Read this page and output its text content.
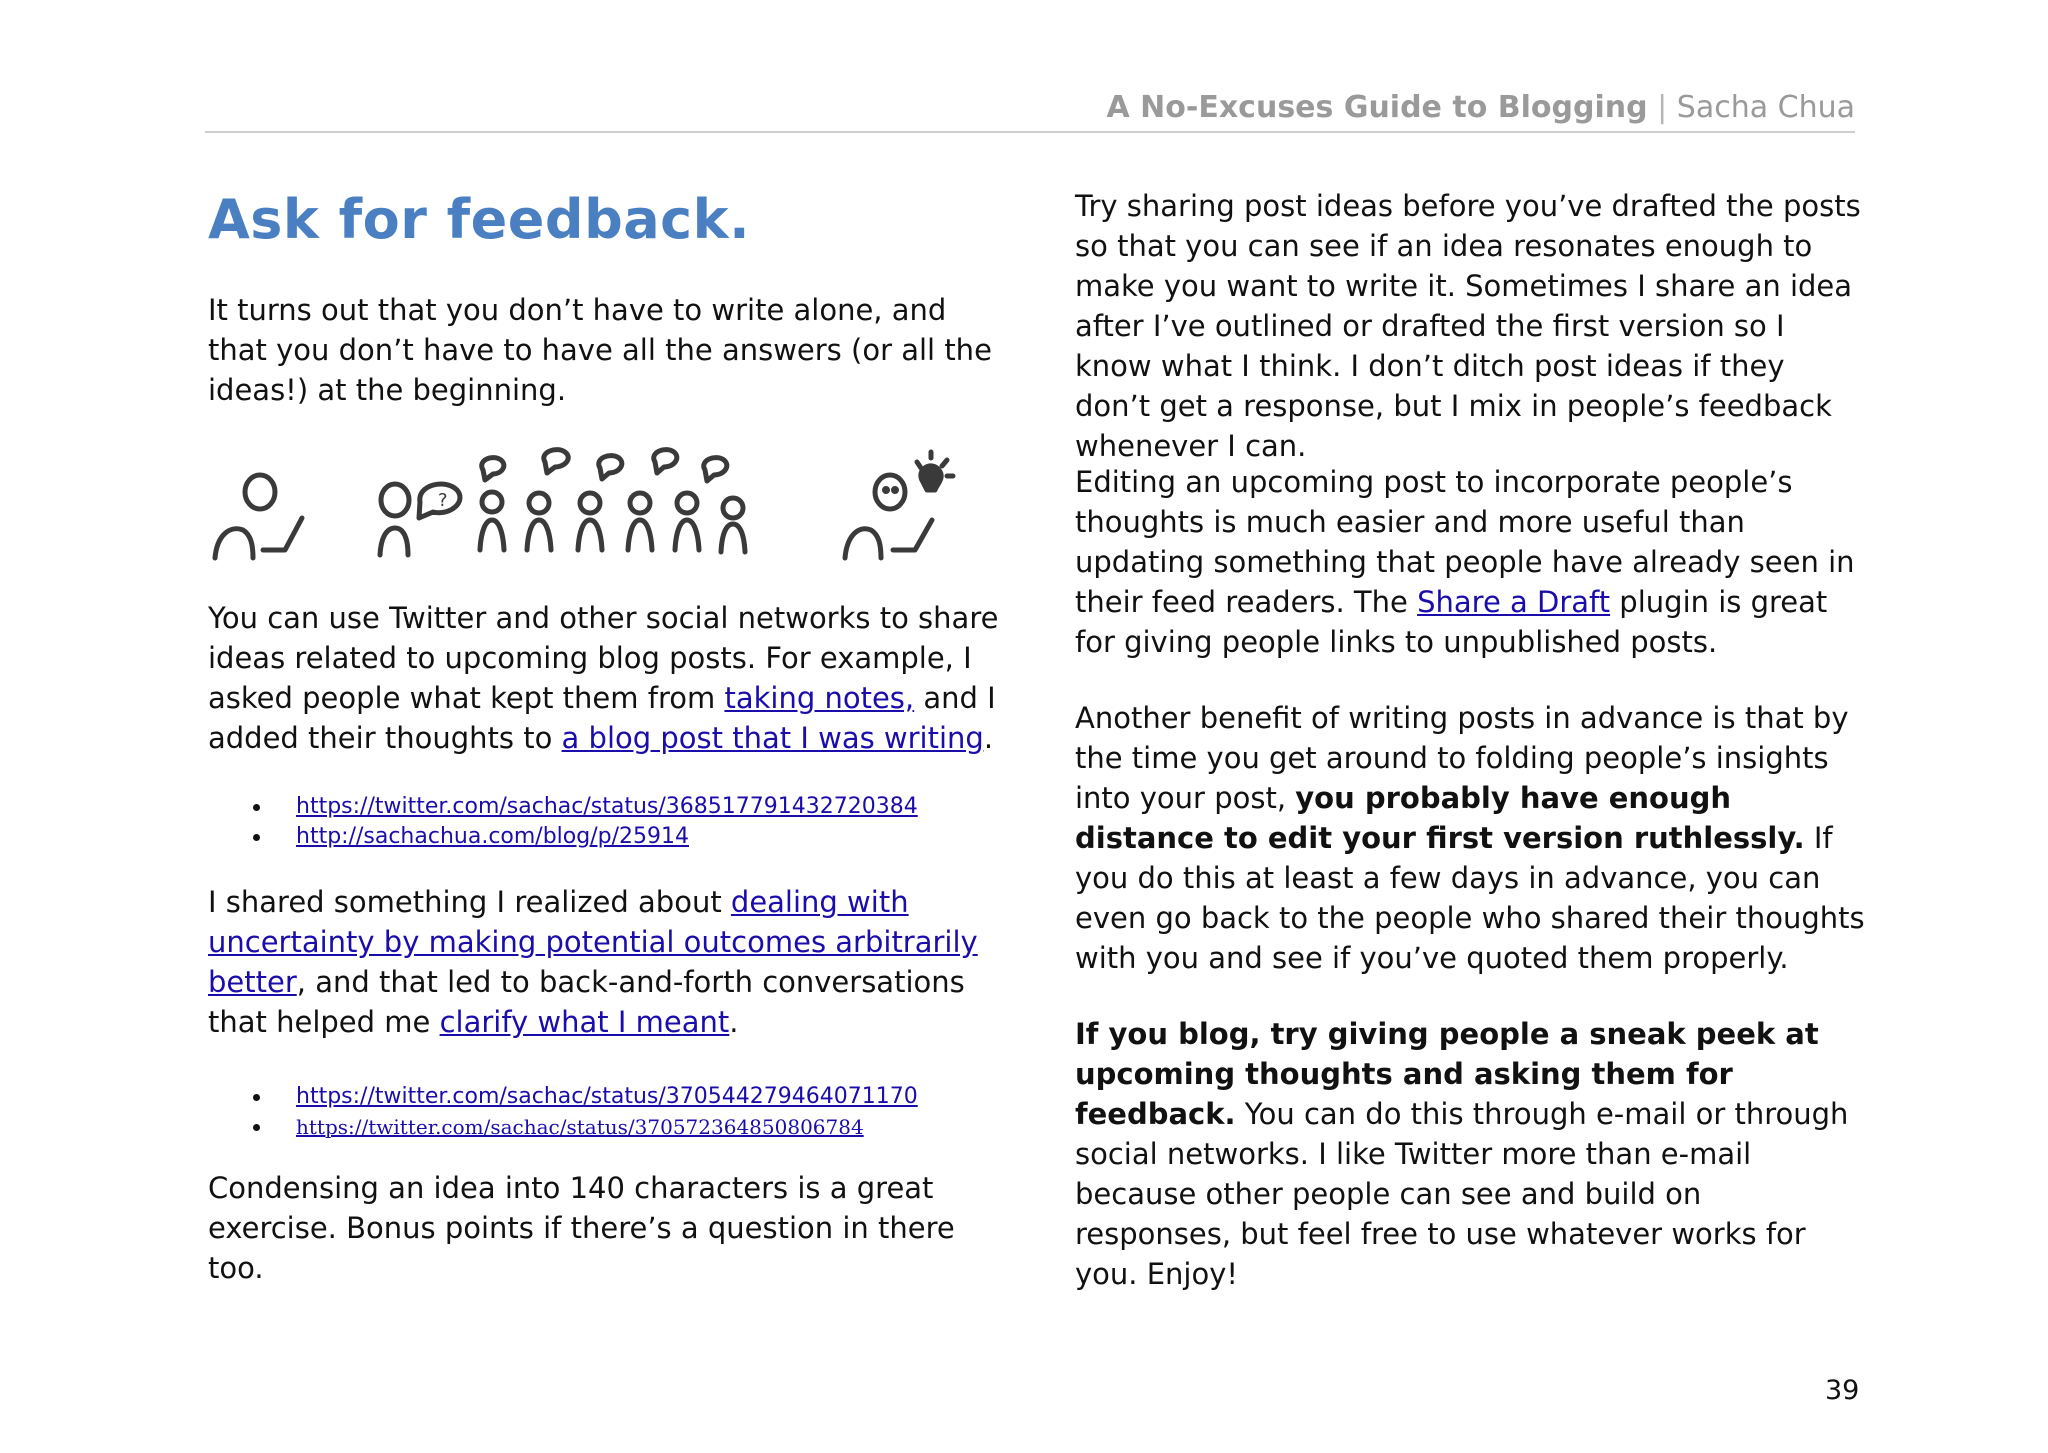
A No-Excuses Guide to Blogging | Sacha Chua
Ask for feedback.

It turns out that you don’t have to write alone, and that you don’t have to have all the answers (or all the ideas!) at the beginning.

?

You can use Twitter and other social networks to share ideas related to upcoming blog posts. For example, I asked people what kept them from taking notes, and I added their thoughts to a blog post that I was writing.

https://twitter.com/sachac/status/368517791432720384
http://sachachua.com/blog/p/25914

I shared something I realized about dealing with uncertainty by making potential outcomes arbitrarily better, and that led to back-and-forth conversations that helped me clarify what I meant.

https://twitter.com/sachac/status/370544279464071170
https://twitter.com/sachac/status/370572364850806784

Condensing an idea into 140 characters is a great exercise. Bonus points if there’s a question in there too.

Try sharing post ideas before you’ve drafted the posts so that you can see if an idea resonates enough to make you want to write it. Sometimes I share an idea after I’ve outlined or drafted the first version so I know what I think. I don’t ditch post ideas if they don’t get a response, but I mix in people’s feedback whenever I can.

Editing an upcoming post to incorporate people’s thoughts is much easier and more useful than updating something that people have already seen in their feed readers. The Share a Draft plugin is great for giving people links to unpublished posts.

Another benefit of writing posts in advance is that by the time you get around to folding people’s insights into your post, you probably have enough distance to edit your first version ruthlessly. If you do this at least a few days in advance, you can even go back to the people who shared their thoughts with you and see if you’ve quoted them properly.

If you blog, try giving people a sneak peek at upcoming thoughts and asking them for feedback. You can do this through e-mail or through social networks. I like Twitter more than e-mail because other people can see and build on responses, but feel free to use whatever works for you. Enjoy!

39
